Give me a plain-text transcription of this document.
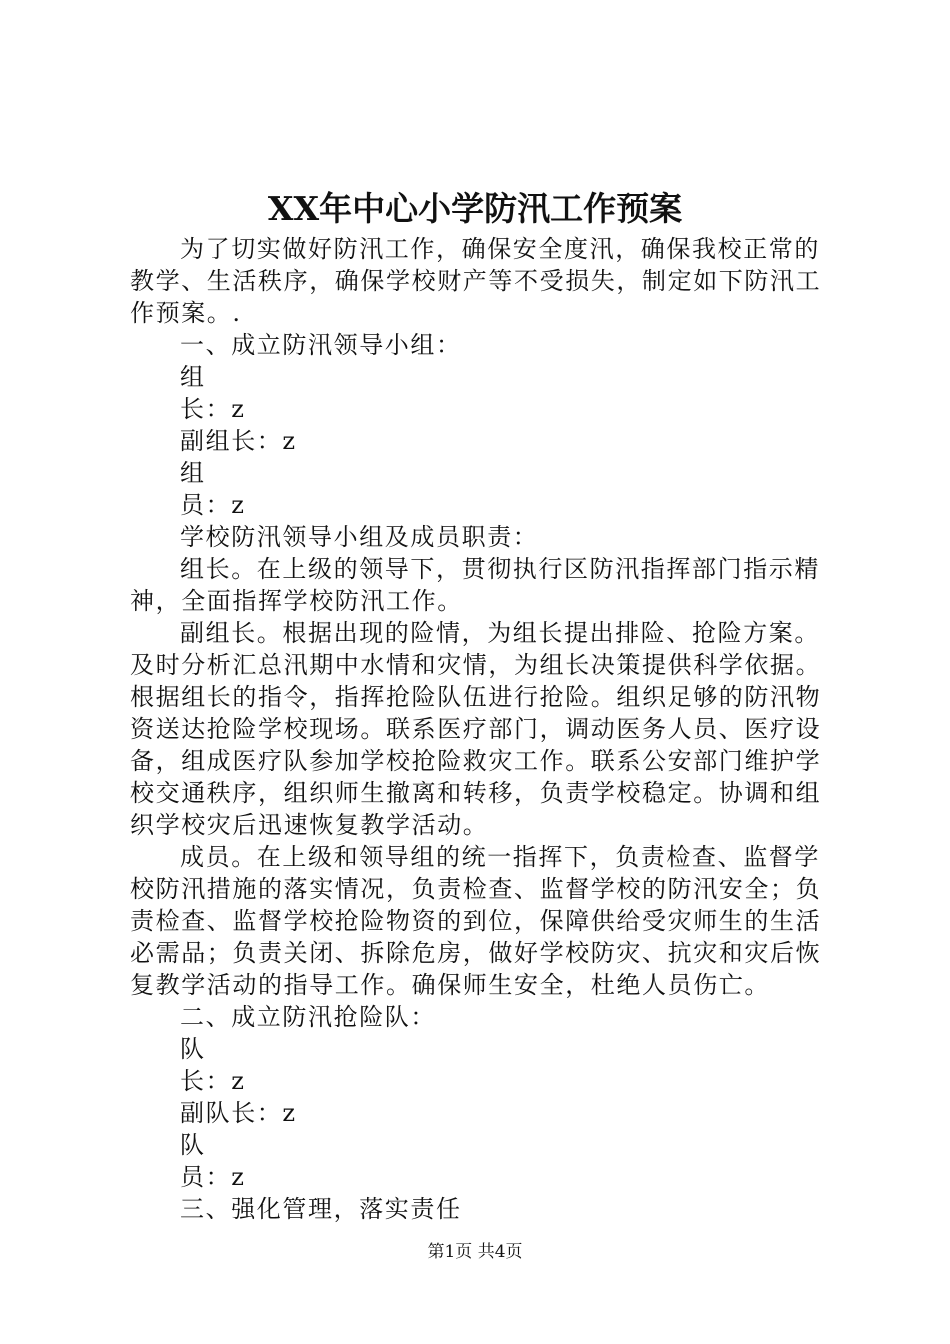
XX年中心小学防汛工作预案

为了切实做好防汛工作，确保安全度汛，确保我校正常的教学、生活秩序，确保学校财产等不受损失，制定如下防汛工作预案。.

一、成立防汛领导小组：

组

长：z

副组长：z

组

员：z

学校防汛领导小组及成员职责：

组长。在上级的领导下，贯彻执行区防汛指挥部门指示精神，全面指挥学校防汛工作。

副组长。根据出现的险情，为组长提出排险、抢险方案。及时分析汇总汛期中水情和灾情，为组长决策提供科学依据。根据组长的指令，指挥抢险队伍进行抢险。组织足够的防汛物资送达抢险学校现场。联系医疗部门，调动医务人员、医疗设备，组成医疗队参加学校抢险救灾工作。联系公安部门维护学校交通秩序，组织师生撤离和转移，负责学校稳定。协调和组织学校灾后迅速恢复教学活动。

成员。在上级和领导组的统一指挥下，负责检查、监督学校防汛措施的落实情况，负责检查、监督学校的防汛安全；负责检查、监督学校抢险物资的到位，保障供给受灾师生的生活必需品；负责关闭、拆除危房，做好学校防灾、抗灾和灾后恢复教学活动的指导工作。确保师生安全，杜绝人员伤亡。

二、成立防汛抢险队：

队

长：z

副队长：z

队

员：z

三、强化管理，落实责任

第1页 共4页
